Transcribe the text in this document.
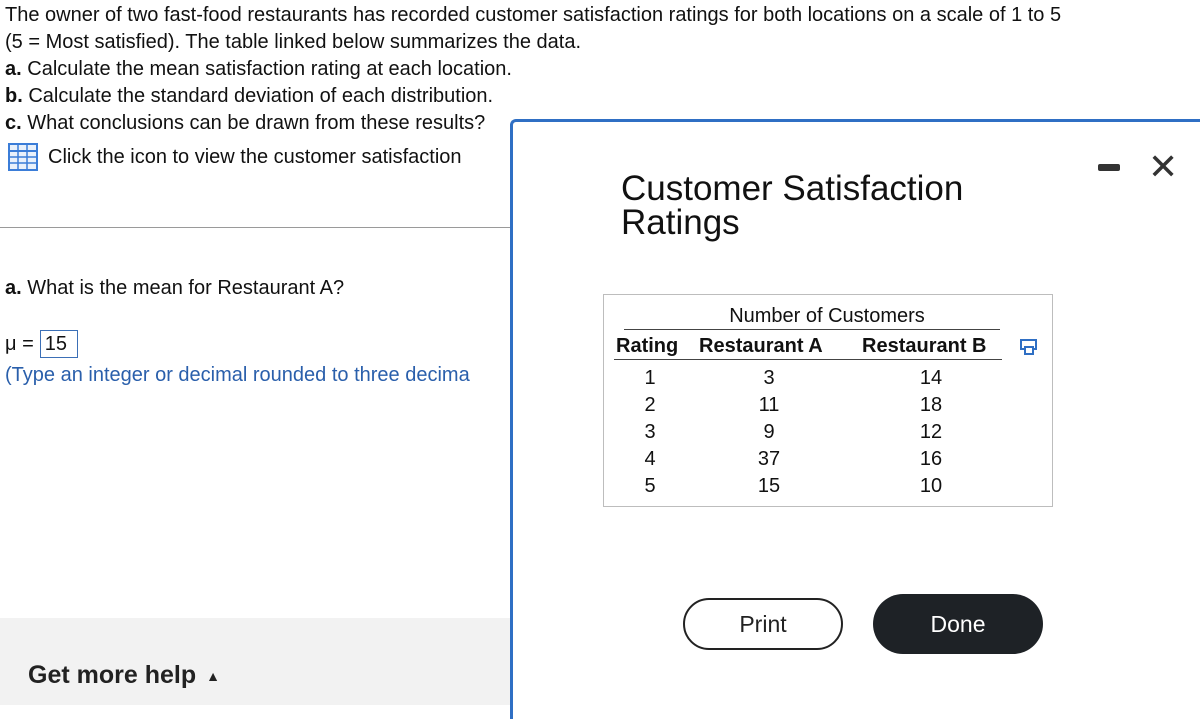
The owner of two fast-food restaurants has recorded customer satisfaction ratings for both locations on a scale of 1 to 5
(5 = Most satisfied). The table linked below summarizes the data.
a. Calculate the mean satisfaction rating at each location.
b. Calculate the standard deviation of each distribution.
c. What conclusions can be drawn from these results?
Click the icon to view the customer satisfaction
a. What is the mean for Restaurant A?
μ = 15
(Type an integer or decimal rounded to three decima
Get more help ▲
Customer Satisfaction Ratings
✕
Number of Customers
Rating Restaurant A Restaurant B
1
2
3
4
5
3
11
9
37
15
14
18
12
16
10
Print	Done
